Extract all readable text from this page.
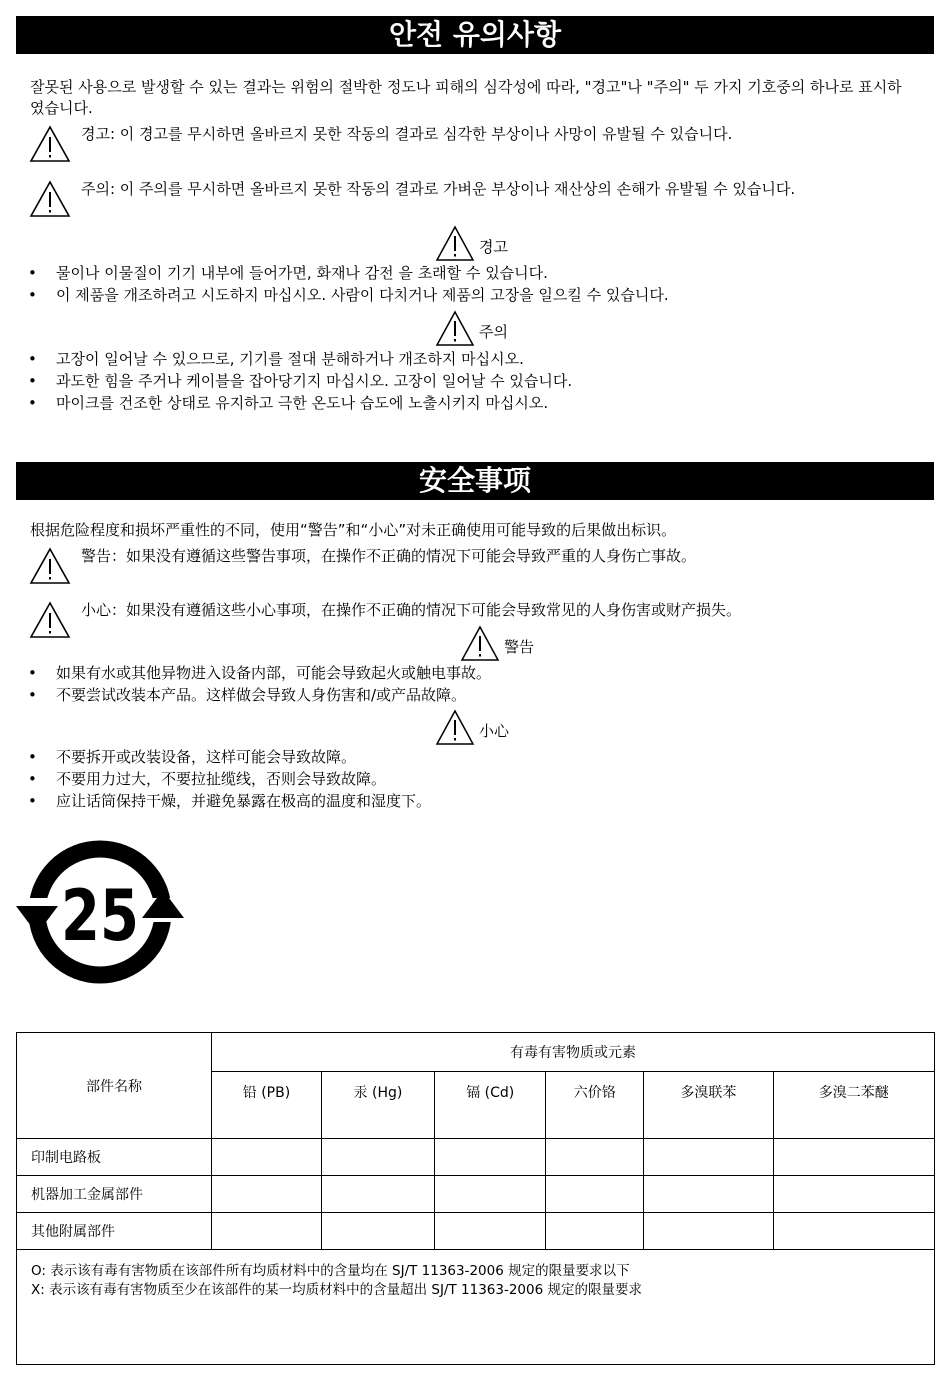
안전 유의사항
잘못된 사용으로 발생할 수 있는 결과는 위험의 절박한 정도나 피해의 심각성에 따라, "경고"나 "주의" 두 가지 기호중의 하나로 표시하였습니다.
경고: 이 경고를 무시하면 올바르지 못한 작동의 결과로 심각한 부상이나 사망이 유발될 수 있습니다.
주의: 이 주의를 무시하면 올바르지 못한 작동의 결과로 가벼운 부상이나 재산상의 손해가 유발될 수 있습니다.
경고
• 물이나 이물질이 기기 내부에 들어가면, 화재나 감전 을 초래할 수 있습니다.
• 이 제품을 개조하려고 시도하지 마십시오. 사람이 다치거나 제품의 고장을 일으킬 수 있습니다.
주의
• 고장이 일어날 수 있으므로, 기기를 절대 분해하거나 개조하지 마십시오.
• 과도한 힘을 주거나 케이블을 잡아당기지 마십시오. 고장이 일어날 수 있습니다.
• 마이크를 건조한 상태로 유지하고 극한 온도나 습도에 노출시키지 마십시오.
安全事项
根据危险程度和损坏严重性的不同，使用“警告”和“小心”对未正确使用可能导致的后果做出标识。
警告：如果没有遵循这些警告事项，在操作不正确的情况下可能会导致严重的人身伤亡事故。
小心：如果没有遵循这些小心事项，在操作不正确的情况下可能会导致常见的人身伤害或财产损失。
警告
• 如果有水或其他异物进入设备内部，可能会导致起火或触电事故。
• 不要尝试改装本产品。这样做会导致人身伤害和/或产品故障。
小心
• 不要拆开或改装设备，这样可能会导致故障。
• 不要用力过大，不要拉扯缆线，否则会导致故障。
• 应让话筒保持干燥，并避免暴露在极高的温度和湿度下。
25
部件名称	有毒有害物质或元素					
	铅 (PB)	汞 (Hg)	镉 (Cd)	六价铬	多溴联苯	多溴二苯醚
印制电路板						
机器加工金属部件						
其他附属部件						

O: 表示该有毒有害物质在该部件所有均质材料中的含量均在 SJ/T 11363-2006 规定的限量要求以下
X: 表示该有毒有害物质至少在该部件的某一均质材料中的含量超出 SJ/T 11363-2006 规定的限量要求						
